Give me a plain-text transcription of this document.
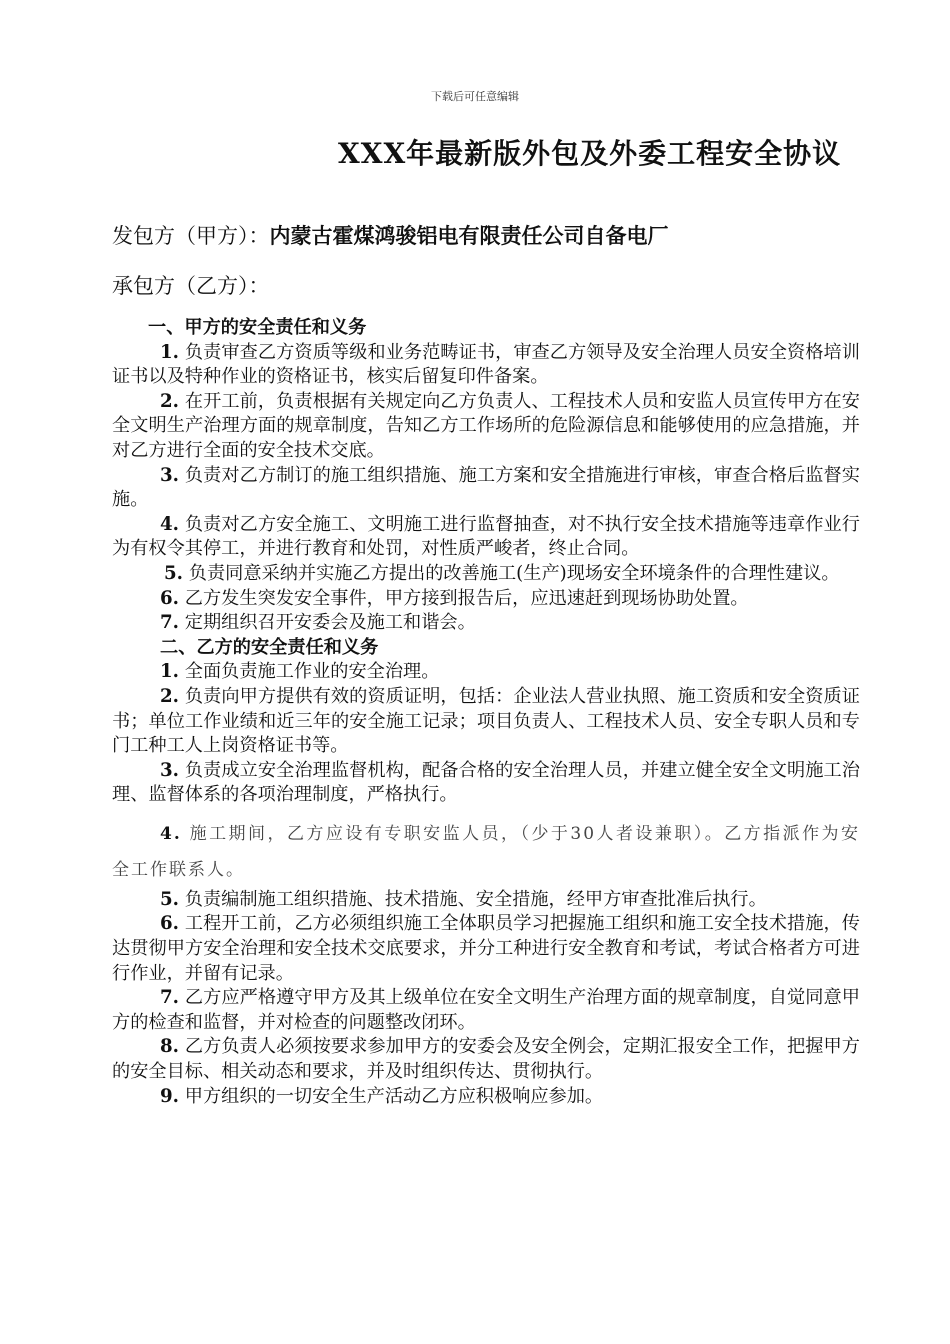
下载后可任意编辑
XXX年最新版外包及外委工程安全协议
发包方（甲方）：内蒙古霍煤鸿骏铝电有限责任公司自备电厂
承包方（乙方）：
一、甲方的安全责任和义务

1. 负责审查乙方资质等级和业务范畴证书，审查乙方领导及安全治理人员安全资格培训证书以及特种作业的资格证书，核实后留复印件备案。

2. 在开工前，负责根据有关规定向乙方负责人、工程技术人员和安监人员宣传甲方在安全文明生产治理方面的规章制度，告知乙方工作场所的危险源信息和能够使用的应急措施，并对乙方进行全面的安全技术交底。

3. 负责对乙方制订的施工组织措施、施工方案和安全措施进行审核，审查合格后监督实施。

4. 负责对乙方安全施工、文明施工进行监督抽查，对不执行安全技术措施等违章作业行为有权令其停工，并进行教育和处罚，对性质严峻者，终止合同。

5. 负责同意采纳并实施乙方提出的改善施工(生产)现场安全环境条件的合理性建议。

6. 乙方发生突发安全事件，甲方接到报告后，应迅速赶到现场协助处置。

7. 定期组织召开安委会及施工和谐会。

二、乙方的安全责任和义务

1. 全面负责施工作业的安全治理。

2. 负责向甲方提供有效的资质证明，包括：企业法人营业执照、施工资质和安全资质证书；单位工作业绩和近三年的安全施工记录；项目负责人、工程技术人员、安全专职人员和专门工种工人上岗资格证书等。

3. 负责成立安全治理监督机构，配备合格的安全治理人员，并建立健全安全文明施工治理、监督体系的各项治理制度，严格执行。

4. 施工期间，乙方应设有专职安监人员，（少于30人者设兼职）。乙方指派作为安全工作联系人。

5. 负责编制施工组织措施、技术措施、安全措施，经甲方审查批准后执行。

6. 工程开工前，乙方必须组织施工全体职员学习把握施工组织和施工安全技术措施，传达贯彻甲方安全治理和安全技术交底要求，并分工种进行安全教育和考试，考试合格者方可进行作业，并留有记录。

7. 乙方应严格遵守甲方及其上级单位在安全文明生产治理方面的规章制度，自觉同意甲方的检查和监督，并对检查的问题整改闭环。

8. 乙方负责人必须按要求参加甲方的安委会及安全例会，定期汇报安全工作，把握甲方的安全目标、相关动态和要求，并及时组织传达、贯彻执行。

9. 甲方组织的一切安全生产活动乙方应积极响应参加。
